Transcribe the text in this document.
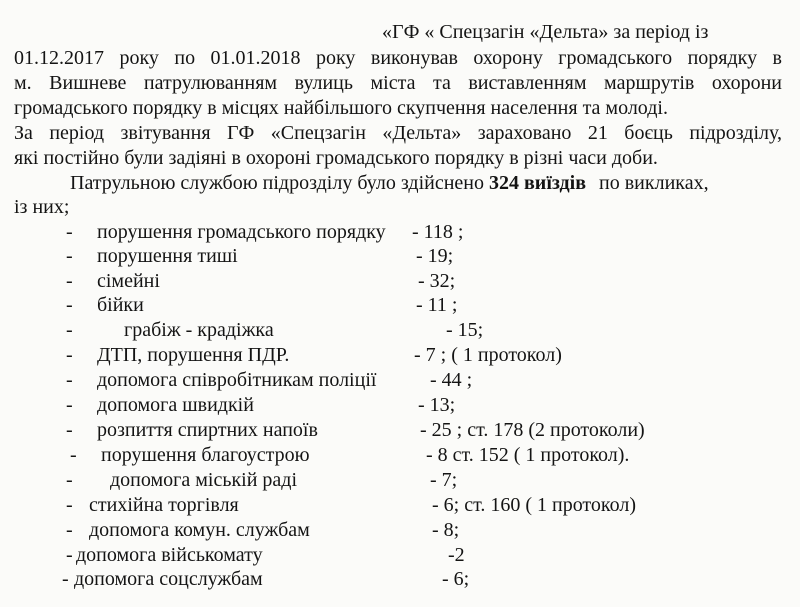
«ГФ « Спецзагін «Дельта» за період із
01.12.2017 року по 01.01.2018 року виконував охорону громадського порядку в
м. Вишневе патрулюванням вулиць міста та виставленням маршрутів охорони
громадського порядку в місцях найбільшого скупчення населення та молоді.
За період звітування ГФ «Спецзагін «Дельта» зараховано 21 боєць підрозділу,
які постійно були задіяні в охороні громадського порядку в різні часи доби.
Патрульною службою підрозділу було здійснено 324 виїздів по викликах,
із них;
- порушення громадського порядку - 118 ;
- порушення тиші	- 19;
- сімейні	- 32;
- бійки	- 11 ;
-	грабіж - крадіжка	- 15;
- ДТП, порушення ПДР.	- 7 ; ( 1 протокол)
- допомога співробітникам поліції	- 44 ;
- допомога швидкій	- 13;
- розпиття спиртних напоїв	- 25 ; ст. 178 (2 протоколи)
- порушення благоустрою	- 8 ст. 152 ( 1 протокол).
- допомога міській раді	- 7;
- стихійна торгівля	- 6; ст. 160 ( 1 протокол)
- допомога комун. службам	- 8;
- допомога військомату	-2
- допомога соцслужбам	- 6;
